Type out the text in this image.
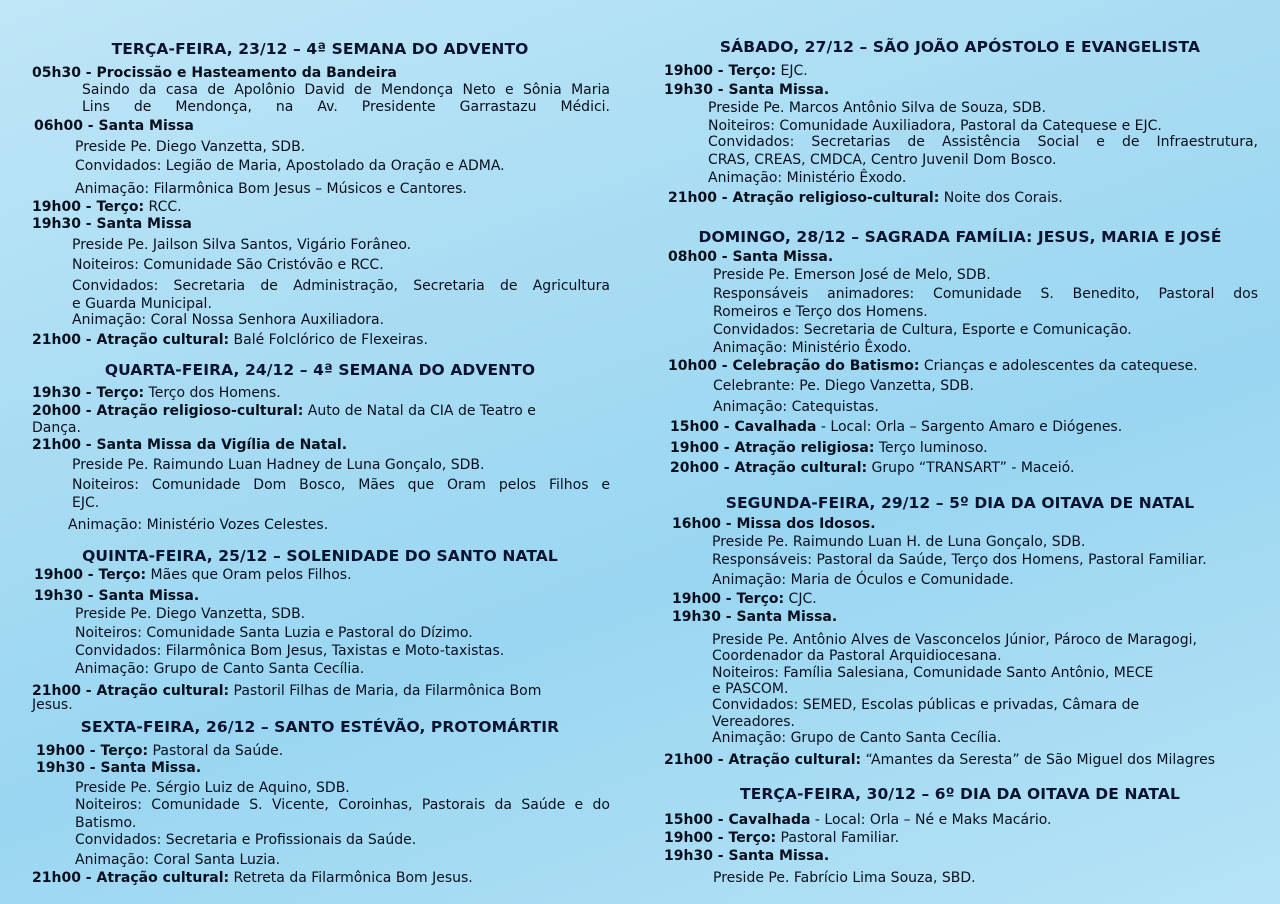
TERÇA-FEIRA, 23/12 – 4ª SEMANA DO ADVENTO
05h30 - Procissão e Hasteamento da Bandeira
Saindo da casa de Apolônio David de Mendonça Neto e Sônia Maria
Lins de Mendonça, na Av. Presidente Garrastazu Médici.
06h00 - Santa Missa
Preside Pe. Diego Vanzetta, SDB.
Convidados: Legião de Maria, Apostolado da Oração e ADMA.
Animação: Filarmônica Bom Jesus – Músicos e Cantores.
19h00 - Terço: RCC.
19h30 - Santa Missa
Preside Pe. Jailson Silva Santos, Vigário Forâneo.
Noiteiros: Comunidade São Cristóvão e RCC.
Convidados: Secretaria de Administração, Secretaria de Agricultura
e Guarda Municipal.
Animação: Coral Nossa Senhora Auxiliadora.
21h00 - Atração cultural: Balé Folclórico de Flexeiras.
QUARTA-FEIRA, 24/12 – 4ª SEMANA DO ADVENTO
19h30 - Terço: Terço dos Homens.
20h00 - Atração religioso-cultural: Auto de Natal da CIA de Teatro e
Dança.
21h00 - Santa Missa da Vigília de Natal.
Preside Pe. Raimundo Luan Hadney de Luna Gonçalo, SDB.
Noiteiros: Comunidade Dom Bosco, Mães que Oram pelos Filhos e
EJC.
Animação: Ministério Vozes Celestes.
QUINTA-FEIRA, 25/12 – SOLENIDADE DO SANTO NATAL
19h00 - Terço: Mães que Oram pelos Filhos.
19h30 - Santa Missa.
Preside Pe. Diego Vanzetta, SDB.
Noiteiros: Comunidade Santa Luzia e Pastoral do Dízimo.
Convidados: Filarmônica Bom Jesus, Taxistas e Moto-taxistas.
Animação: Grupo de Canto Santa Cecília.
21h00 - Atração cultural: Pastoril Filhas de Maria, da Filarmônica Bom
Jesus.
SEXTA-FEIRA, 26/12 – SANTO ESTÉVÃO, PROTOMÁRTIR
19h00 - Terço: Pastoral da Saúde.
19h30 - Santa Missa.
Preside Pe. Sérgio Luiz de Aquino, SDB.
Noiteiros: Comunidade S. Vicente, Coroinhas, Pastorais da Saúde e do
Batismo.
Convidados: Secretaria e Profissionais da Saúde.
Animação: Coral Santa Luzia.
21h00 - Atração cultural: Retreta da Filarmônica Bom Jesus.
SÁBADO, 27/12 – SÃO JOÃO APÓSTOLO E EVANGELISTA
19h00 - Terço: EJC.
19h30 - Santa Missa.
Preside Pe. Marcos Antônio Silva de Souza, SDB.
Noiteiros: Comunidade Auxiliadora, Pastoral da Catequese e EJC.
Convidados: Secretarias de Assistência Social e de Infraestrutura,
CRAS, CREAS, CMDCA, Centro Juvenil Dom Bosco.
Animação: Ministério Êxodo.
21h00 - Atração religioso-cultural: Noite dos Corais.
DOMINGO, 28/12 – SAGRADA FAMÍLIA: JESUS, MARIA E JOSÉ
08h00 - Santa Missa.
Preside Pe. Emerson José de Melo, SDB.
Responsáveis animadores: Comunidade S. Benedito, Pastoral dos
Romeiros e Terço dos Homens.
Convidados: Secretaria de Cultura, Esporte e Comunicação.
Animação: Ministério Êxodo.
10h00 - Celebração do Batismo: Crianças e adolescentes da catequese.
Celebrante: Pe. Diego Vanzetta, SDB.
Animação: Catequistas.
15h00 - Cavalhada - Local: Orla – Sargento Amaro e Diógenes.
19h00 - Atração religiosa: Terço luminoso.
20h00 - Atração cultural: Grupo “TRANSART” - Maceió.
SEGUNDA-FEIRA, 29/12 – 5º DIA DA OITAVA DE NATAL
16h00 - Missa dos Idosos.
Preside Pe. Raimundo Luan H. de Luna Gonçalo, SDB.
Responsáveis: Pastoral da Saúde, Terço dos Homens, Pastoral Familiar.
Animação: Maria de Óculos e Comunidade.
19h00 - Terço: CJC.
19h30 - Santa Missa.
Preside Pe. Antônio Alves de Vasconcelos Júnior, Pároco de Maragogi,
Coordenador da Pastoral Arquidiocesana.
Noiteiros: Família Salesiana, Comunidade Santo Antônio, MECE
e PASCOM.
Convidados: SEMED, Escolas públicas e privadas, Câmara de
Vereadores.
Animação: Grupo de Canto Santa Cecília.
21h00 - Atração cultural: “Amantes da Seresta” de São Miguel dos Milagres
TERÇA-FEIRA, 30/12 – 6º DIA DA OITAVA DE NATAL
15h00 - Cavalhada - Local: Orla – Né e Maks Macário.
19h00 - Terço: Pastoral Familiar.
19h30 - Santa Missa.
Preside Pe. Fabrício Lima Souza, SBD.
